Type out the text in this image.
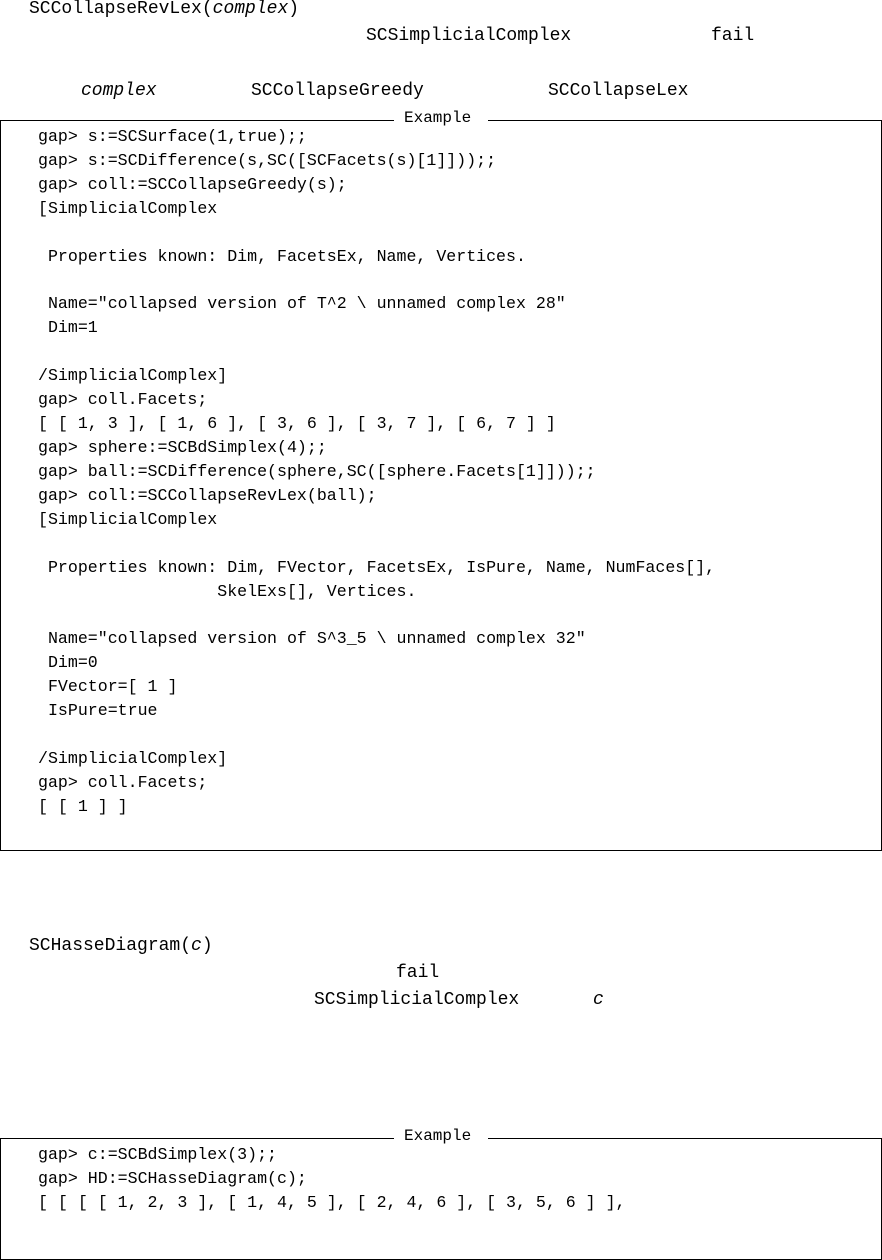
SCCollapseRevLex(complex)
SCSimplicialComplex	fail
complex	SCCollapseGreedy	SCCollapseLex
Example
gap> s:=SCSurface(1,true);;
gap> s:=SCDifference(s,SC([SCFacets(s)[1]]));;
gap> coll:=SCCollapseGreedy(s);
[SimplicialComplex
Properties known: Dim, FacetsEx, Name, Vertices.
Name="collapsed version of T^2 \ unnamed complex 28"
Dim=1
/SimplicialComplex]
gap> coll.Facets;
[ [ 1, 3 ], [ 1, 6 ], [ 3, 6 ], [ 3, 7 ], [ 6, 7 ] ]
gap> sphere:=SCBdSimplex(4);;
gap> ball:=SCDifference(sphere,SC([sphere.Facets[1]]));;
gap> coll:=SCCollapseRevLex(ball);
[SimplicialComplex
Properties known: Dim, FVector, FacetsEx, IsPure, Name, NumFaces[],
SkelExs[], Vertices.
Name="collapsed version of S^3_5 \ unnamed complex 32"
Dim=0
FVector=[ 1 ]
IsPure=true
/SimplicialComplex]
gap> coll.Facets;
[ [ 1 ] ]
SCHasseDiagram(c)
fail
SCSimplicialComplex	c
Example
gap> c:=SCBdSimplex(3);;
gap> HD:=SCHasseDiagram(c);
[ [ [ [ 1, 2, 3 ], [ 1, 4, 5 ], [ 2, 4, 6 ], [ 3, 5, 6 ] ],
